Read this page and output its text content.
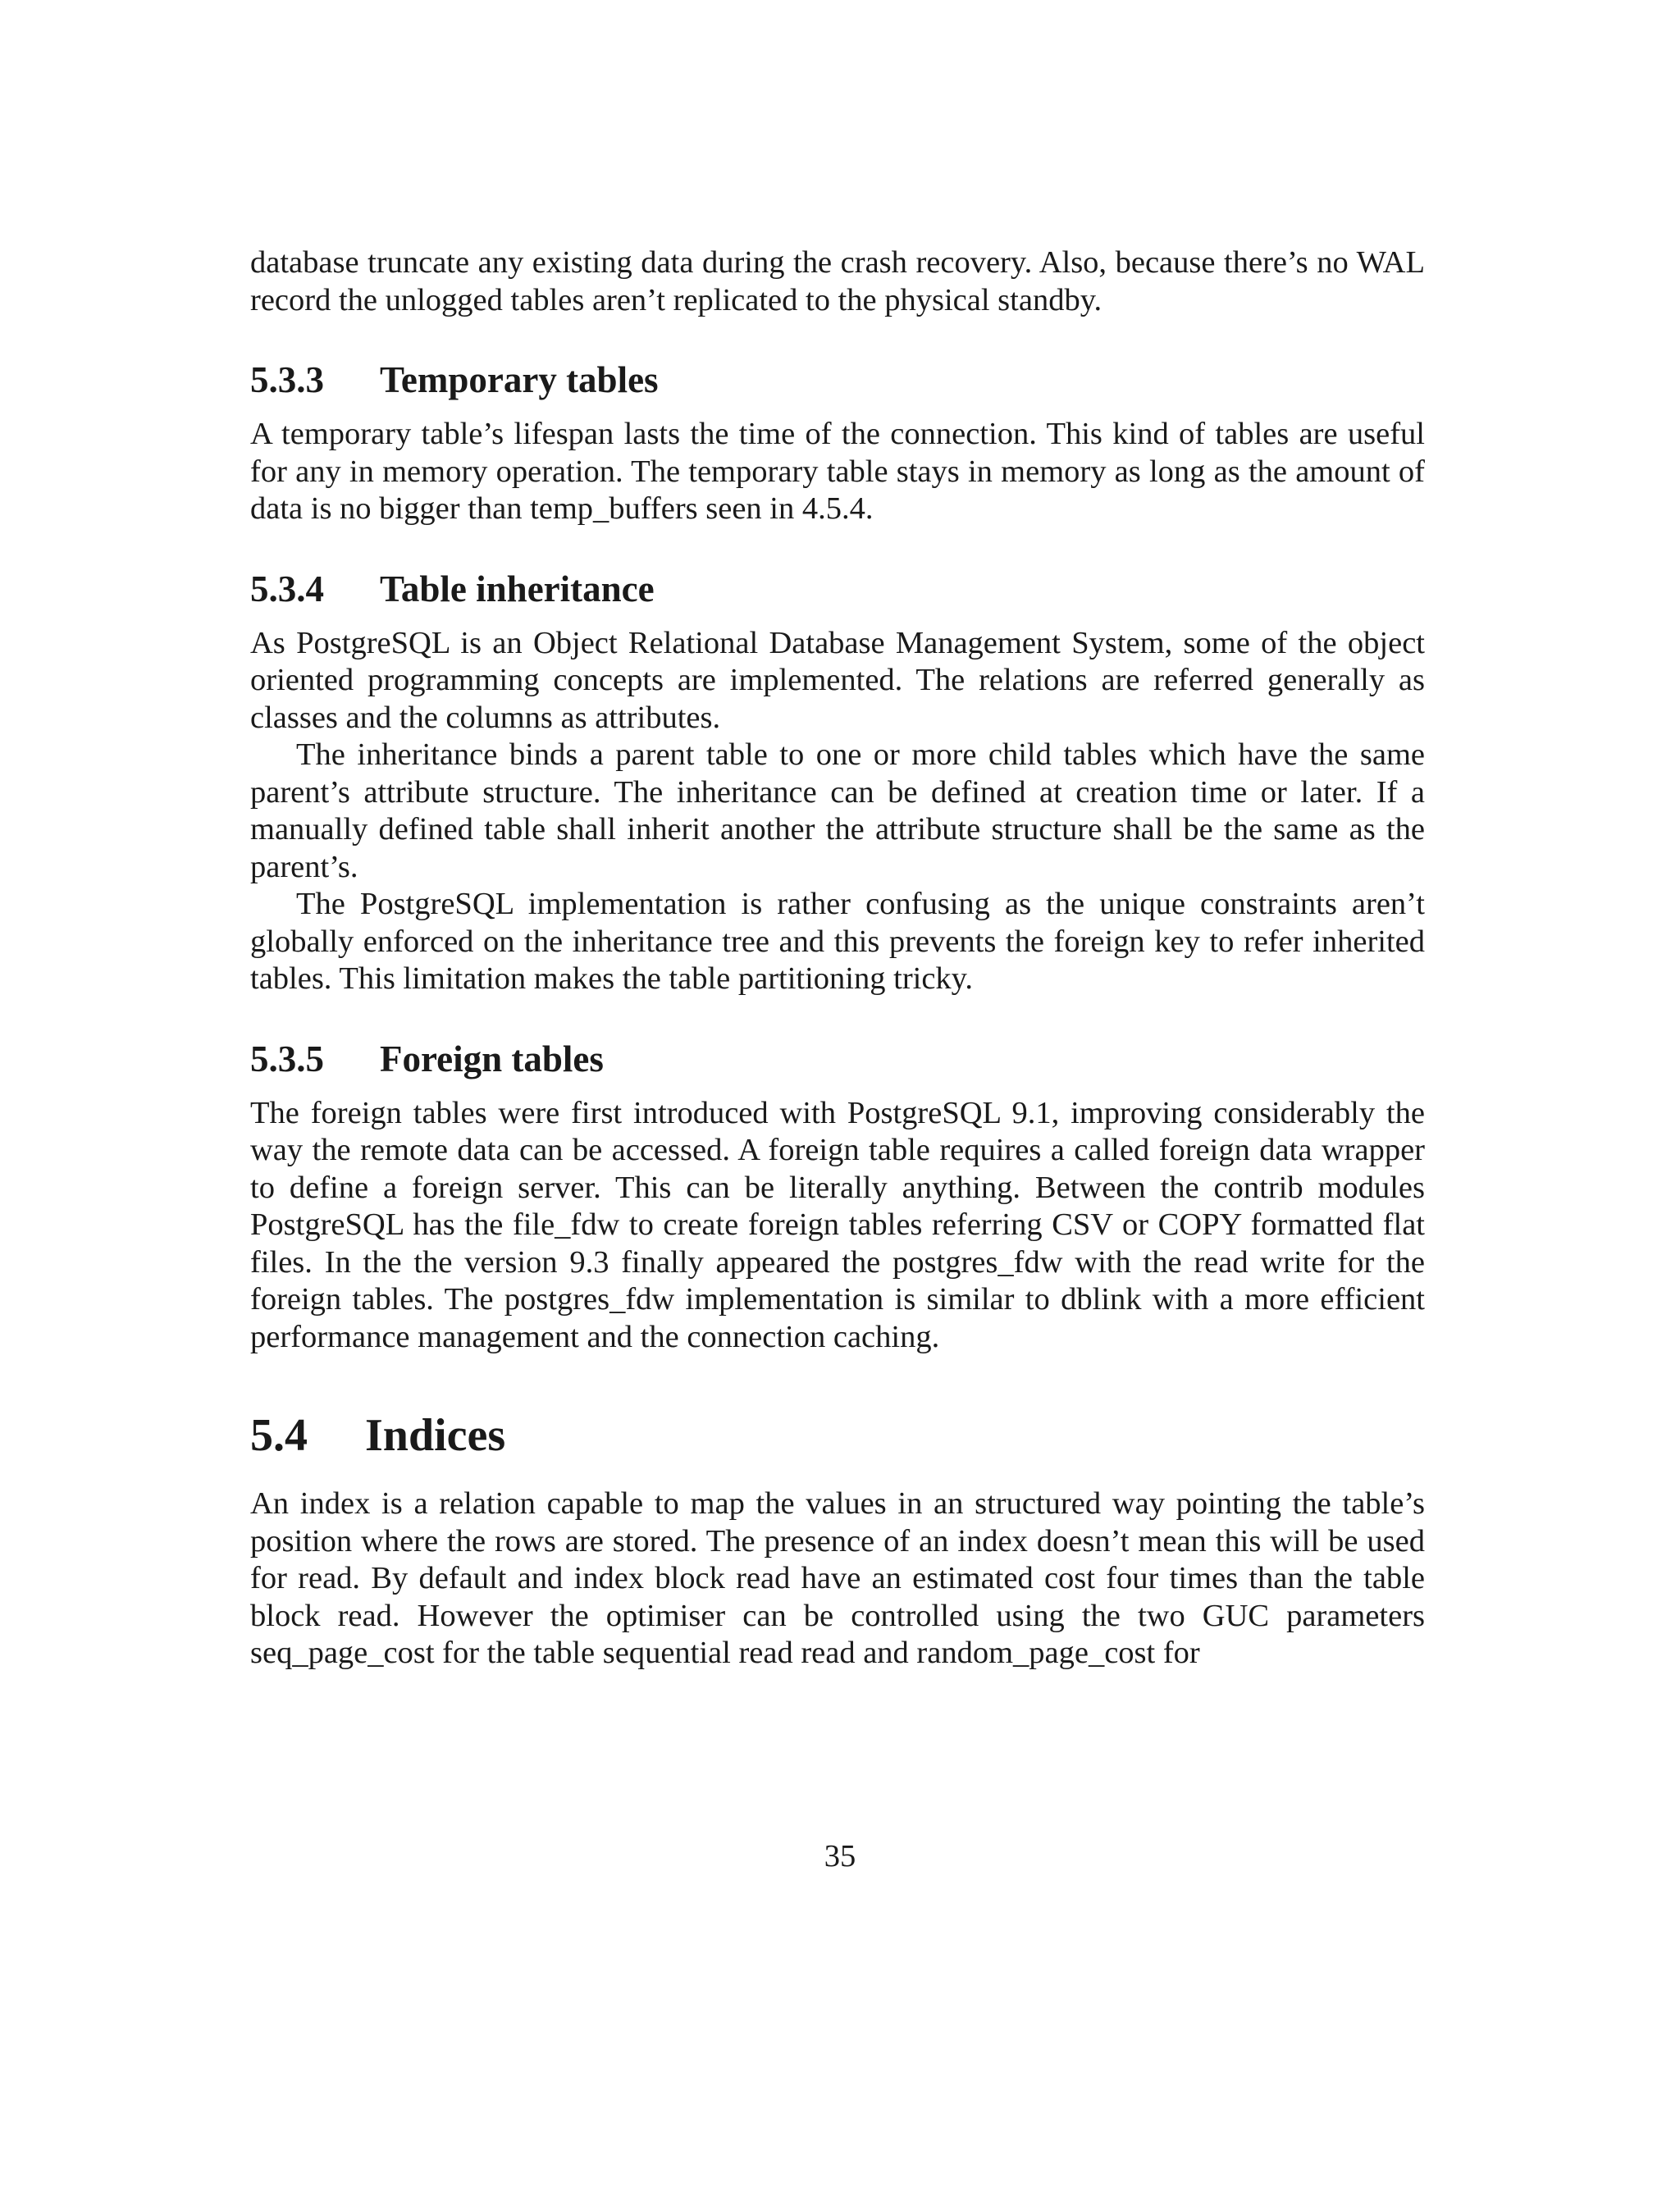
database truncate any existing data during the crash recovery. Also, because there’s no WAL record the unlogged tables aren’t replicated to the physical standby.

5.3.3 Temporary tables

A temporary table’s lifespan lasts the time of the connection. This kind of tables are useful for any in memory operation. The temporary table stays in memory as long as the amount of data is no bigger than temp_buffers seen in 4.5.4.

5.3.4 Table inheritance

As PostgreSQL is an Object Relational Database Management System, some of the object oriented programming concepts are implemented. The relations are referred generally as classes and the columns as attributes.

The inheritance binds a parent table to one or more child tables which have the same parent’s attribute structure. The inheritance can be defined at creation time or later. If a manually defined table shall inherit another the attribute structure shall be the same as the parent’s.

The PostgreSQL implementation is rather confusing as the unique constraints aren’t globally enforced on the inheritance tree and this prevents the foreign key to refer inherited tables. This limitation makes the table partitioning tricky.

5.3.5 Foreign tables

The foreign tables were first introduced with PostgreSQL 9.1, improving considerably the way the remote data can be accessed. A foreign table requires a called foreign data wrapper to define a foreign server. This can be literally anything. Between the contrib modules PostgreSQL has the file_fdw to create foreign tables referring CSV or COPY formatted flat files. In the the version 9.3 finally appeared the postgres_fdw with the read write for the foreign tables. The postgres_fdw implementation is similar to dblink with a more efficient performance management and the connection caching.

5.4 Indices

An index is a relation capable to map the values in an structured way pointing the table’s position where the rows are stored. The presence of an index doesn’t mean this will be used for read. By default and index block read have an estimated cost four times than the table block read. However the optimiser can be controlled using the two GUC parameters seq_page_cost for the table sequential read read and random_page_cost for

35
